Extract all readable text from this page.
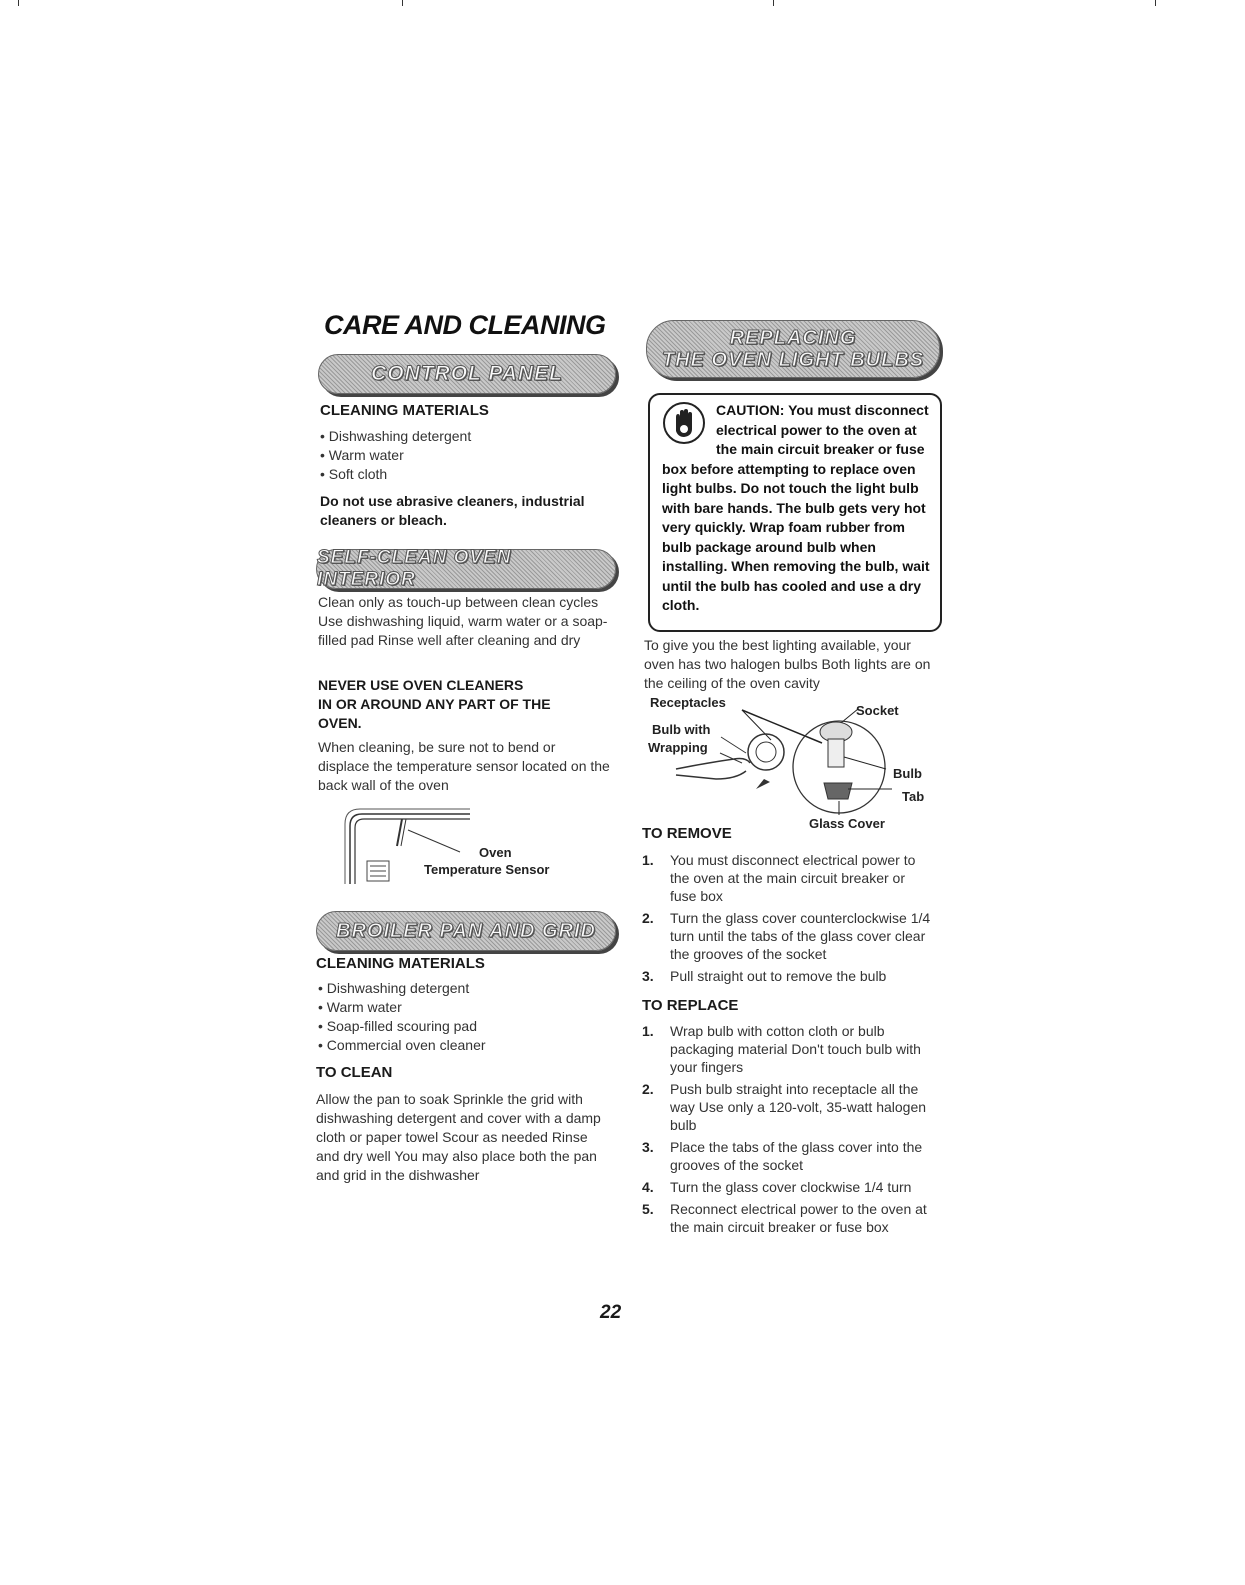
CARE AND CLEANING
CONTROL PANEL
CLEANING MATERIALS
• Dishwashing detergent
• Warm water
• Soft cloth
Do not use abrasive cleaners, industrial cleaners or bleach.
SELF-CLEAN OVEN INTERIOR
Clean only as touch-up between clean cycles Use dishwashing liquid, warm water or a soap-filled pad Rinse well after cleaning and dry
NEVER USE OVEN CLEANERS
IN OR AROUND ANY PART OF THE
OVEN.
When cleaning, be sure not to bend or displace the temperature sensor located on the back wall of the oven
Oven
Temperature Sensor
BROILER PAN AND GRID
CLEANING MATERIALS
• Dishwashing detergent
• Warm water
• Soap-filled scouring pad
• Commercial oven cleaner
TO CLEAN
Allow the pan to soak Sprinkle the grid with dishwashing detergent and cover with a damp cloth or paper towel Scour as needed Rinse and dry well You may also place both the pan and grid in the dishwasher
REPLACING
THE OVEN LIGHT BULBS
CAUTION: You must disconnect electrical power to the oven at the main circuit breaker or fuse box before attempting to replace oven light bulbs. Do not touch the light bulb with bare hands. The bulb gets very hot very quickly. Wrap foam rubber from bulb package around bulb when installing. When removing the bulb, wait until the bulb has cooled and use a dry cloth.
To give you the best lighting available, your oven has two halogen bulbs Both lights are on the ceiling of the oven cavity
Receptacles
Socket
Bulb with
Wrapping
Bulb
Tab
Glass Cover
TO REMOVE
1. You must disconnect electrical power to the oven at the main circuit breaker or fuse box
2. Turn the glass cover counterclockwise 1/4 turn until the tabs of the glass cover clear the grooves of the socket
3. Pull straight out to remove the bulb
TO REPLACE
1. Wrap bulb with cotton cloth or bulb packaging material Don't touch bulb with your fingers
2. Push bulb straight into receptacle all the way Use only a 120-volt, 35-watt halogen bulb
3. Place the tabs of the glass cover into the grooves of the socket
4. Turn the glass cover clockwise 1/4 turn
5. Reconnect electrical power to the oven at the main circuit breaker or fuse box
22
